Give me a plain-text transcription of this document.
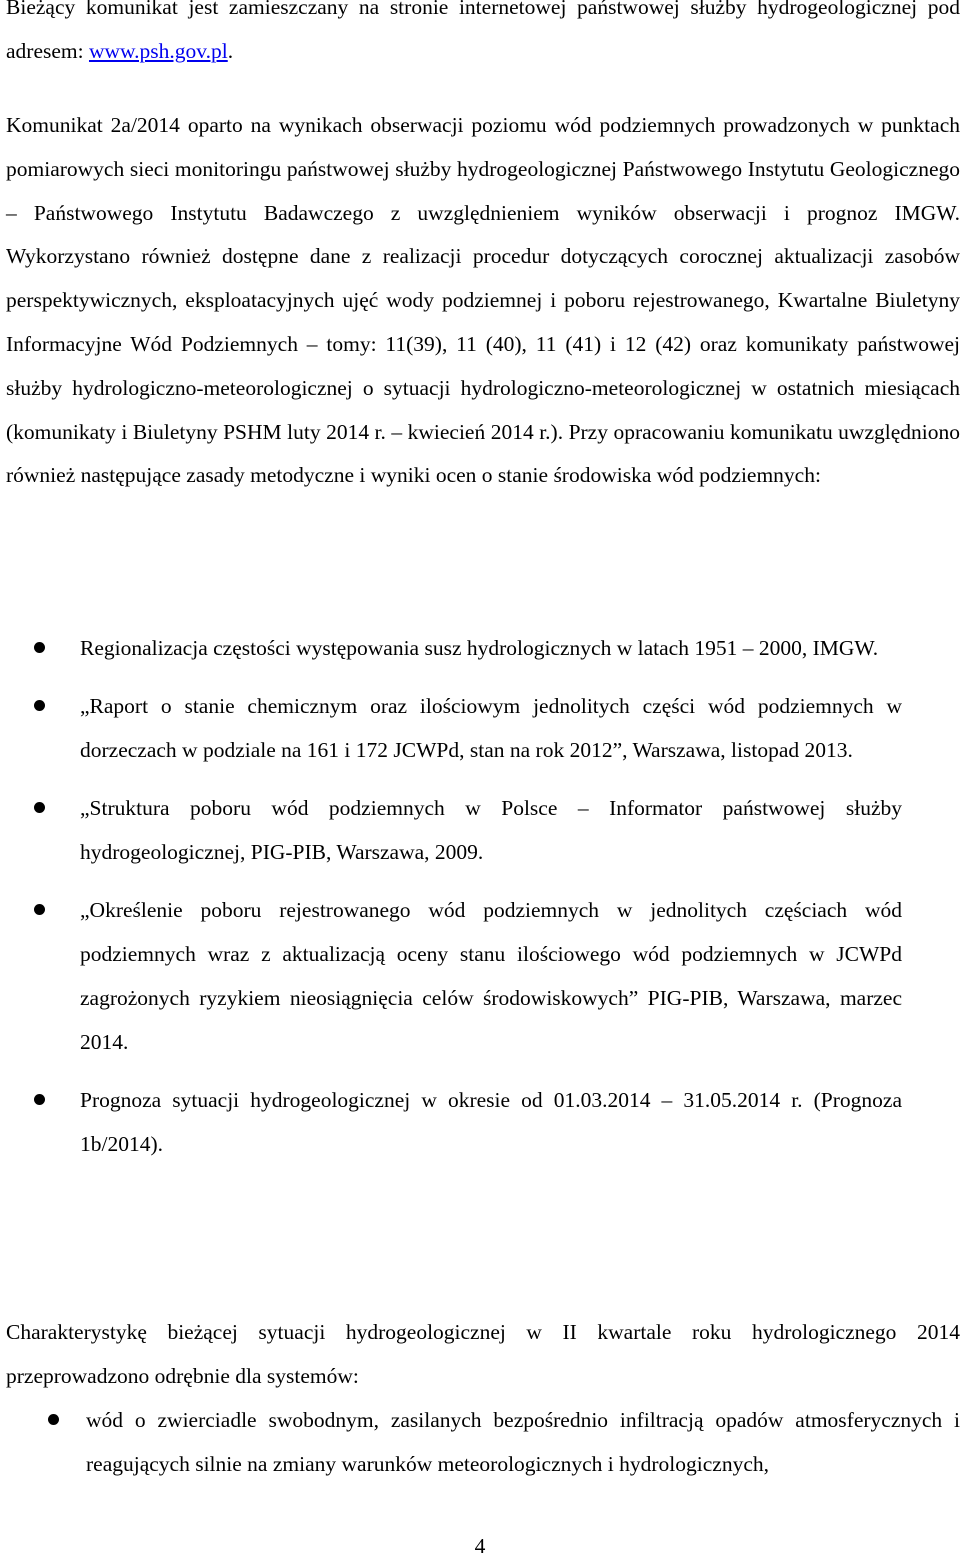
Bieżący komunikat jest zamieszczany na stronie internetowej państwowej służby hydrogeologicznej pod adresem: www.psh.gov.pl.

Komunikat 2a/2014 oparto na wynikach obserwacji poziomu wód podziemnych prowadzonych w punktach pomiarowych sieci monitoringu państwowej służby hydrogeologicznej Państwowego Instytutu Geologicznego – Państwowego Instytutu Badawczego z uwzględnieniem wyników obserwacji i prognoz IMGW. Wykorzystano również dostępne dane z realizacji procedur dotyczących corocznej aktualizacji zasobów perspektywicznych, eksploatacyjnych ujęć wody podziemnej i poboru rejestrowanego, Kwartalne Biuletyny Informacyjne Wód Podziemnych – tomy: 11(39), 11 (40), 11 (41) i 12 (42) oraz komunikaty państwowej służby hydrologiczno-meteorologicznej o sytuacji hydrologiczno-meteorologicznej w ostatnich miesiącach (komunikaty i Biuletyny PSHM luty 2014 r. – kwiecień 2014 r.). Przy opracowaniu komunikatu uwzględniono również następujące zasady metodyczne i wyniki ocen o stanie środowiska wód podziemnych:

Regionalizacja częstości występowania susz hydrologicznych w latach 1951 – 2000, IMGW.
„Raport o stanie chemicznym oraz ilościowym jednolitych części wód podziemnych w dorzeczach w podziale na 161 i 172 JCWPd, stan na rok 2012”, Warszawa, listopad 2013.
„Struktura poboru wód podziemnych w Polsce – Informator państwowej służby hydrogeologicznej, PIG-PIB, Warszawa, 2009.
„Określenie poboru rejestrowanego wód podziemnych w jednolitych częściach wód podziemnych wraz z aktualizacją oceny stanu ilościowego wód podziemnych w JCWPd zagrożonych ryzykiem nieosiągnięcia celów środowiskowych” PIG-PIB, Warszawa, marzec 2014.
Prognoza sytuacji hydrogeologicznej w okresie od 01.03.2014 – 31.05.2014 r. (Prognoza 1b/2014).

Charakterystykę bieżącej sytuacji hydrogeologicznej w II kwartale roku hydrologicznego 2014 przeprowadzono odrębnie dla systemów:

wód o zwierciadle swobodnym, zasilanych bezpośrednio infiltracją opadów atmosferycznych i reagujących silnie na zmiany warunków meteorologicznych i hydrologicznych,
4
